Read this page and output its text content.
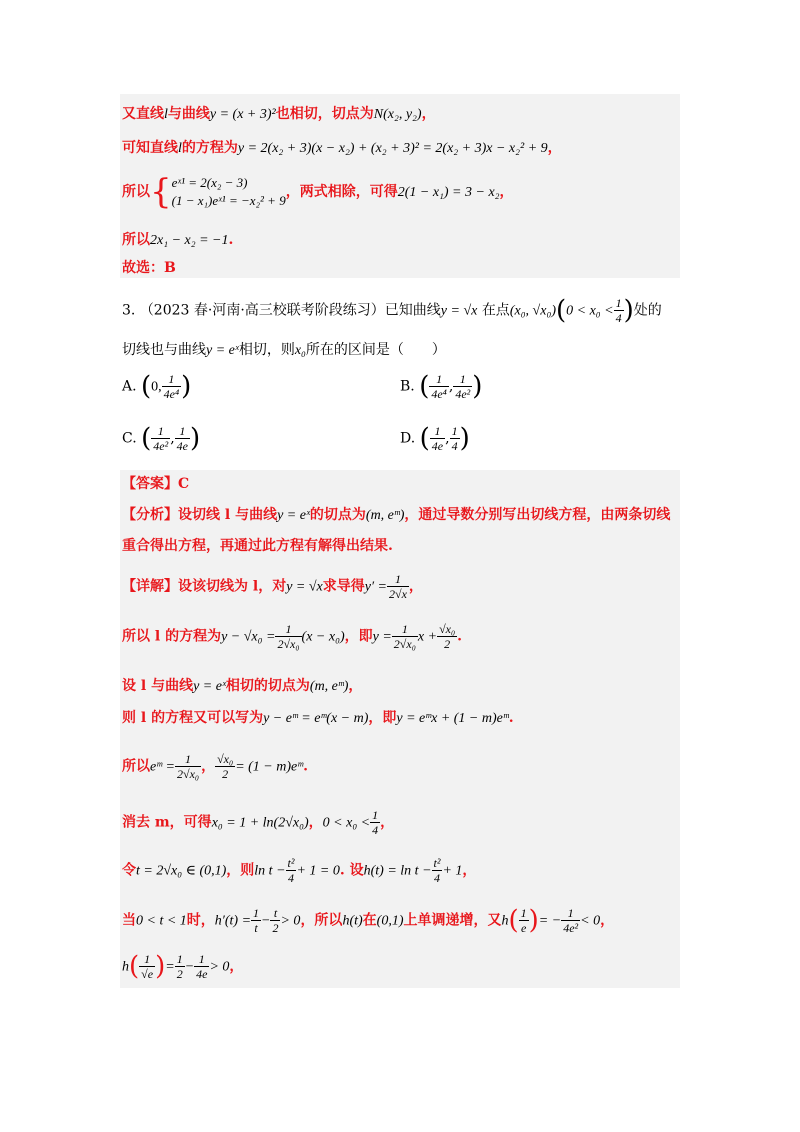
又直线l与曲线y = (x + 3)²也相切，切点为N(x₂, y₂)，
可知直线l的方程为y = 2(x₂ + 3)(x − x₂) + (x₂ + 3)² = 2(x₂ + 3)x − x₂² + 9，
所以{ eˣ¹ = 2(x₂ − 3)
(1 − x₁)eˣ¹ = −x₂² + 9
，两式相除，可得2(1 − x₁) = 3 − x₂，
所以2x₁ − x₂ = −1.
故选：B
3. （2023 春·河南·高三校联考阶段练习）已知曲线y = √x 在点(x₀, $√x_0)(0 < x_0 < \frac{1}{4}$ )处的
切线也与曲线y = eˣ相切，则x₀所在的区间是（　　）
A. (0, $\frac{1}{\text{4e⁴}}$ )	B. ( $\frac{1}{\text{4e⁴}}$ , $\frac{1}{\text{4e²}}$ )
C. ( $\frac{1}{\text{4e²}}$ , $\frac{1}{4e}$ )	D. ( $\frac{1}{4e}$ , $\frac{1}{4}$ )
【答案】C
【分析】设切线 l 与曲线y = eˣ的切点为(m, eᵐ)，通过导数分别写出切线方程，由两条切线
重合得出方程，再通过此方程有解得出结果.
【详解】设该切线为 l，对y = √x求导得$y' = \frac{1}{2√x}$ ，
所以 l 的方程为$y - √x_0 = \frac{1}{\text{2√x₀}} (x - x_0)$，即$y = \frac{1}{\text{2√x₀}}$ $x + \frac{\text{√x₀}}{2}$ .
设 l 与曲线y = eˣ相切的切点为(m, eᵐ)，
则 l 的方程又可以写为y − eᵐ = eᵐ(x − m)，即y = eᵐx + (1 − m)eᵐ.
所以eᵐ = $\frac{1}{\text{2√x₀}}$ ， $\frac{\text{√x₀}}{2} = (1$ − m)eᵐ.
消去 m，可得x₀ = 1 + ln(2√x₀)，$0 < x_0 < \frac{1}{4}$ ，
令t = 2√x₀ ∈ (0,1)，则$\ln t - \frac{\text{t²}}{4} + 1 = 0$. 设$h(t) = \ln t - \frac{\text{t²}}{4} + 1$，
当0 < t < 1时，$h'(t) = \frac{1}{t} - \frac{t}{2} > 0$，所以h(t)在(0,1)上单调递增，又$h( \frac{1}{e}$ )= − $\frac{1}{\text{4e²}} < 0$，
$h( \frac{1}{√e}$ )= $\frac{1}{2} - \frac{1}{4e} > 0$，
